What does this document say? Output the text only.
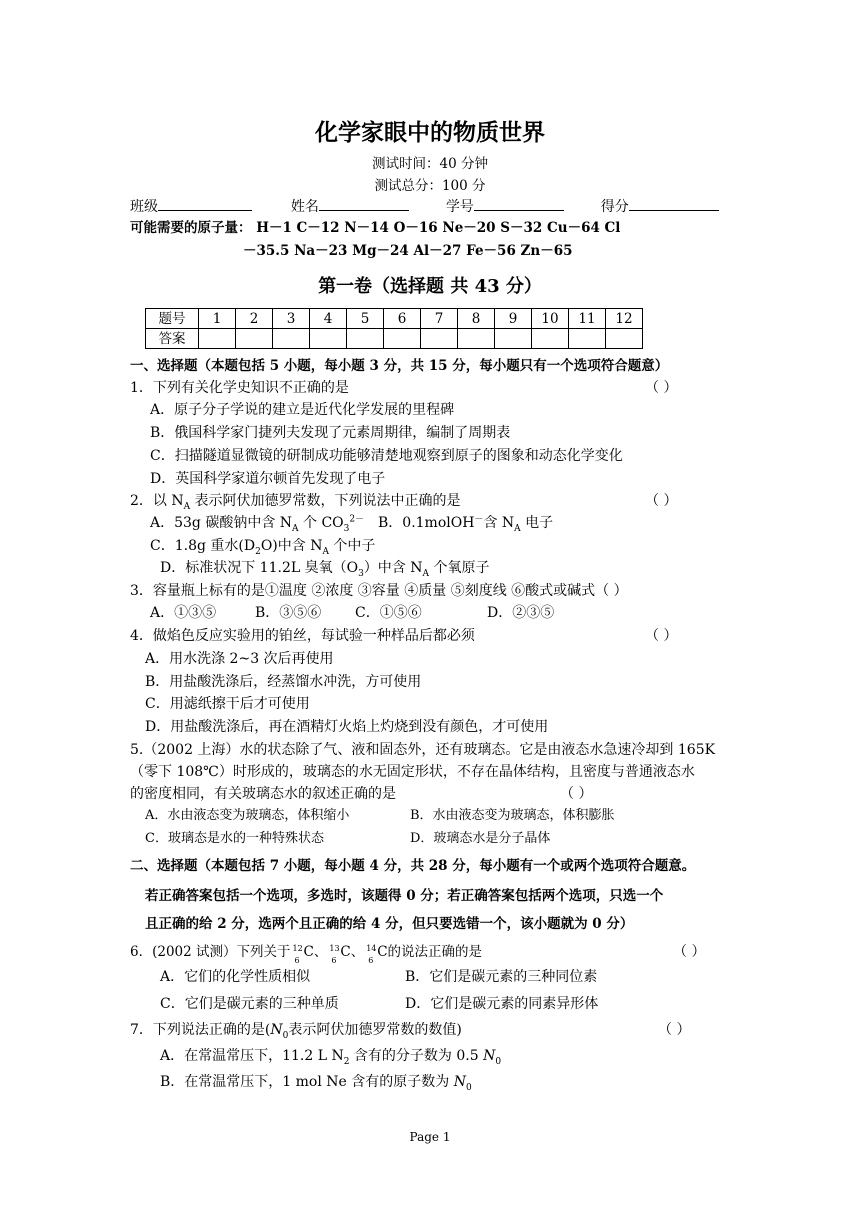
化学家眼中的物质世界
测试时间：40 分钟
测试总分：100 分
班级	姓名	学号	得分
可能需要的原子量： H－1 C－12 N－14 O－16 Ne－20 S－32 Cu－64 Cl
－35.5 Na－23 Mg－24 Al－27 Fe－56 Zn－65
第一卷（选择题 共 43 分）
题号	1	2	3	4	5	6	7	8	9	10	11	12
答案												
一、选择题（本题包括 5 小题，每小题 3 分，共 15 分，每小题只有一个选项符合题意）
1．下列有关化学史知识不正确的是	（ ）
A．原子分子学说的建立是近代化学发展的里程碑
B．俄国科学家门捷列夫发现了元素周期律，编制了周期表
C．扫描隧道显微镜的研制成功能够清楚地观察到原子的图象和动态化学变化
D．英国科学家道尔顿首先发现了电子
2．以 $N_A$ 表示阿伏加德罗常数，下列说法中正确的是	（ ）
A．53g 碳酸钠中含 $N_A$ 个 $CO_3^{2-}$ B．0.1molOH－含 $N_A$ 电子
C．1.8g 重水$(D_2O)$中含 $N_A$ 个中子
D．标准状况下 11.2L 臭氧$(O_3)$中含 $N_A$ 个氧原子
3．容量瓶上标有的是①温度 ②浓度 ③容量 ④质量 ⑤刻度线 ⑥酸式或碱式（ ）
A．①③⑤	B．③⑤⑥ C．①⑤⑥	D．②③⑤
4．做焰色反应实验用的铂丝，每试验一种样品后都必须	（ ）
A．用水洗涤 2~3 次后再使用
B．用盐酸洗涤后，经蒸馏水冲洗，方可使用
C．用滤纸擦干后才可使用
D．用盐酸洗涤后，再在酒精灯火焰上灼烧到没有颜色，才可使用
5.（2002 上海）水的状态除了气、液和固态外，还有玻璃态。它是由液态水急速冷却到 165K
（零下 108℃）时形成的，玻璃态的水无固定形状，不存在晶体结构，且密度与普通液态水
的密度相同，有关玻璃态水的叙述正确的是	（ ）
A．水由液态变为玻璃态，体积缩小	B．水由液态变为玻璃态，体积膨胀
C．玻璃态是水的一种特殊状态	D．玻璃态水是分子晶体
二、选择题（本题包括 7 小题，每小题 4 分，共 28 分，每小题有一个或两个选项符合题意。
若正确答案包括一个选项，多选时，该题得 0 分；若正确答案包括两个选项，只选一个
且正确的给 2 分，选两个且正确的给 4 分，但只要选错一个，该小题就为 0 分）
6．(2002 试测）下列关于 12
6
C、 13
6
C、 14
6
C的说法正确的是	（ ）
A．它们的化学性质相似	B．它们是碳元素的三种同位素
C．它们是碳元素的三种单质	D．它们是碳元素的同素异形体
7．下列说法正确的是($N_0$表示阿伏加德罗常数的数值)	（ ）
A．在常温常压下，11.2 L $N_2$ 含有的分子数为 0.5 $N_0$
B．在常温常压下，1 mol Ne 含有的原子数为 $N_0$
Page 1
